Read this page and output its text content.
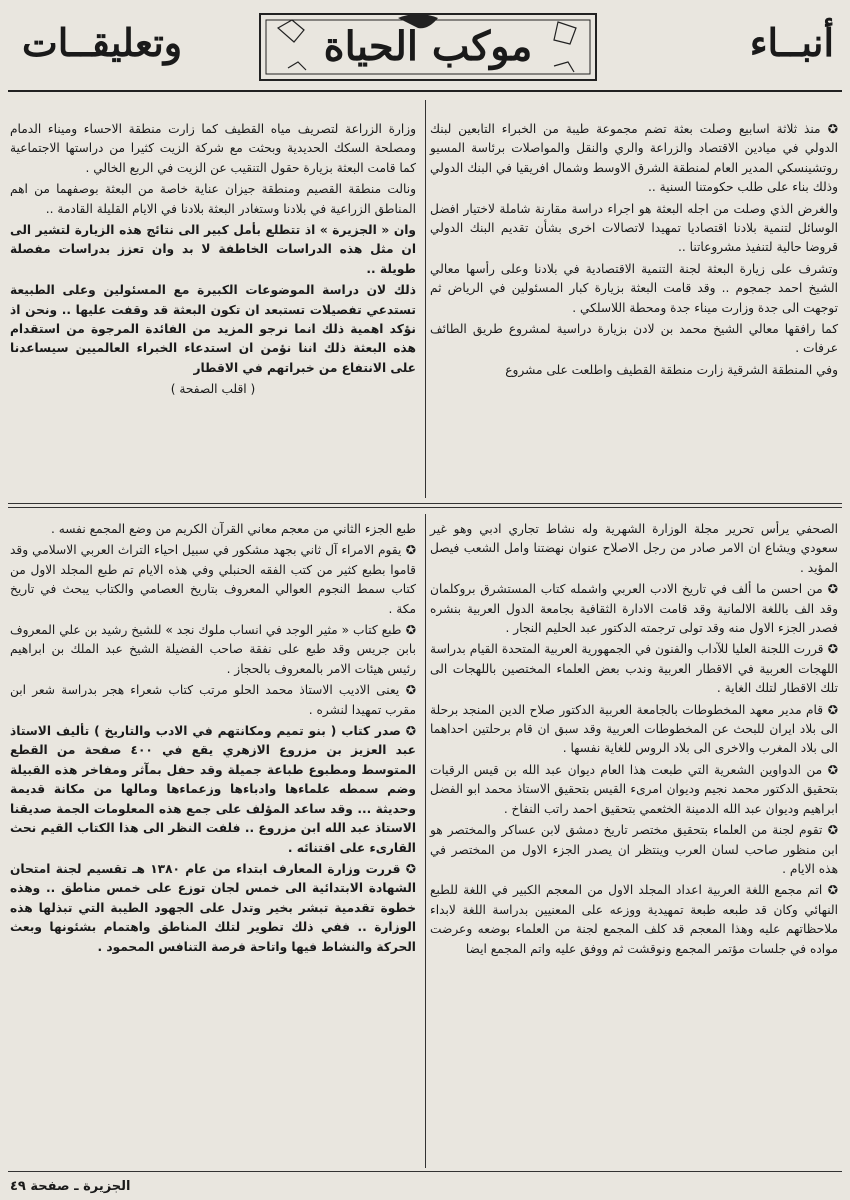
أنبــاء
موكب الحياة
وتعليقــات

✪ منذ ثلاثة اسابيع وصلت بعثة تضم مجموعة طيبة من الخبراء التابعين لبنك الدولي في ميادين الاقتصاد والزراعة والري والنقل والمواصلات برئاسة المسيو روتشينسكي المدير العام لمنطقة الشرق الاوسط وشمال افريقيا في البنك الدولي وذلك بناء على طلب حكومتنا السنية ..

والغرض الذي وصلت من اجله البعثة هو اجراء دراسة مقارنة شاملة لاختيار افضل الوسائل لتنمية بلادنا اقتصاديا تمهيدا لاتصالات اخرى بشأن تقديم البنك الدولي قروضا حالية لتنفيذ مشروعاتنا ..

وتشرف على زيارة البعثة لجنة التنمية الاقتصادية في بلادنا وعلى رأسها معالي الشيخ احمد جمجوم .. وقد قامت البعثة بزيارة كبار المسئولين في الرياض ثم توجهت الى جدة وزارت ميناء جدة ومحطة اللاسلكي .

كما رافقها معالي الشيخ محمد بن لادن بزيارة دراسية لمشروع طريق الطائف عرفات .

وفي المنطقة الشرقية زارت منطقة القطيف واطلعت على مشروع

وزارة الزراعة لتصريف مياه القطيف كما زارت منطقة الاحساء وميناء الدمام ومصلحة السكك الحديدية وبحثت مع شركة الزيت كثيرا من دراستها الاجتماعية كما قامت البعثة بزيارة حقول التنقيب عن الزيت في الربع الخالي .

ونالت منطقة القصيم ومنطقة جيزان عناية خاصة من البعثة بوصفهما من اهم المناطق الزراعية في بلادنا وستغادر البعثة بلادنا في الايام القليلة القادمة ..

وان « الجزيرة » اذ تتطلع بأمل كبير الى نتائج هذه الزيارة لتشير الى ان مثل هذه الدراسات الخاطفة لا بد وان تعزز بدراسات مفصلة طويلة ..

ذلك لان دراسة الموضوعات الكبيرة مع المسئولين وعلى الطبيعة تستدعي تفصيلات تستبعد ان تكون البعثة قد وقفت عليها .. ونحن اذ نؤكد اهمية ذلك انما نرجو المزيد من الفائدة المرجوة من استقدام هذه البعثة ذلك اننا نؤمن ان استدعاء الخبراء العالميين سيساعدنا على الانتفاع من خبراتهم في الاقطار

( اقلب الصفحة )

الصحفي يرأس تحرير مجلة الوزارة الشهرية وله نشاط تجاري ادبي وهو غير سعودي ويشاع ان الامر صادر من رجل الاصلاح عنوان نهضتنا وامل الشعب فيصل المؤيد .

✪ من احسن ما ألف في تاريخ الادب العربي واشمله كتاب المستشرق بروكلمان وقد الف باللغة الالمانية وقد قامت الادارة الثقافية بجامعة الدول العربية بنشره فصدر الجزء الاول منه وقد تولى ترجمته الدكتور عبد الحليم النجار .

✪ قررت اللجنة العليا للآداب والفنون في الجمهورية العربية المتحدة القيام بدراسة اللهجات العربية في الاقطار العربية وندب بعض العلماء المختصين باللهجات الى تلك الاقطار لتلك الغاية .

✪ قام مدير معهد المخطوطات بالجامعة العربية الدكتور صلاح الدين المنجد برحلة الى بلاد ايران للبحث عن المخطوطات العربية وقد سبق ان قام برحلتين احداهما الى بلاد المغرب والاخرى الى بلاد الروس للغاية نفسها .

✪ من الدواوين الشعرية التي طبعت هذا العام ديوان عبد الله بن قيس الرقيات بتحقيق الدكتور محمد نجيم وديوان امرىء القيس بتحقيق الاستاذ محمد ابو الفضل ابراهيم وديوان عبد الله الدمينة الخثعمي بتحقيق احمد راتب النفاخ .

✪ تقوم لجنة من العلماء بتحقيق مختصر تاريخ دمشق لابن عساكر والمختصر هو ابن منظور صاحب لسان العرب وينتظر ان يصدر الجزء الاول من المختصر في هذه الايام .

✪ اتم مجمع اللغة العربية اعداد المجلد الاول من المعجم الكبير في اللغة للطبع النهائي وكان قد طبعه طبعة تمهيدية ووزعه على المعنيين بدراسة اللغة لابداء ملاحظاتهم عليه وهذا المعجم قد كلف المجمع لجنة من العلماء بوضعه وعرضت مواده في جلسات مؤتمر المجمع ونوقشت ثم ووفق عليه واتم المجمع ايضا

طبع الجزء الثاني من معجم معاني القرآن الكريم من وضع المجمع نفسه .

✪ يقوم الامراء آل ثاني بجهد مشكور في سبيل احياء التراث العربي الاسلامي وقد قاموا بطبع كثير من كتب الفقه الحنبلي وفي هذه الايام تم طبع المجلد الاول من كتاب سمط النجوم العوالي المعروف بتاريخ العصامي والكتاب يبحث في تاريخ مكة .

✪ طبع كتاب « مثير الوجد في انساب ملوك نجد » للشيخ رشيد بن علي المعروف بابن جريس وقد طبع على نفقة صاحب الفضيلة الشيخ عبد الملك بن ابراهيم رئيس هيئات الامر بالمعروف بالحجاز .

✪ يعنى الاديب الاستاذ محمد الحلو مرتب كتاب شعراء هجر بدراسة شعر ابن مقرب تمهيدا لنشره .

✪ صدر كتاب ( بنو تميم ومكانتهم في الادب والتاريخ ) تأليف الاستاذ عبد العزيز بن مزروع الازهري يقع في ٤٠٠ صفحة من القطع المتوسط ومطبوع طباعة جميلة وقد حفل بمآثر ومفاخر هذه القبيلة وضم سمطه علماءها وادباءها وزعماءها ومالها من مكانة قديمة وحديثة ... وقد ساعد المؤلف على جمع هذه المعلومات الجمة صديقنا الاستاذ عبد الله ابن مزروع .. فلفت النظر الى هذا الكتاب القيم نحث القارىء على اقتنائه .

✪ قررت وزارة المعارف ابتداء من عام ١٣٨٠ هـ تقسيم لجنة امتحان الشهادة الابتدائية الى خمس لجان توزع على خمس مناطق .. وهذه خطوة تقدمية تبشر بخير وتدل على الجهود الطيبة التي تبذلها هذه الوزارة .. ففي ذلك تطوير لتلك المناطق واهتمام بشئونها وبعث الحركة والنشاط فيها واتاحة فرصة التنافس المحمود .

الجزيرة ـ صفحة ٤٩
